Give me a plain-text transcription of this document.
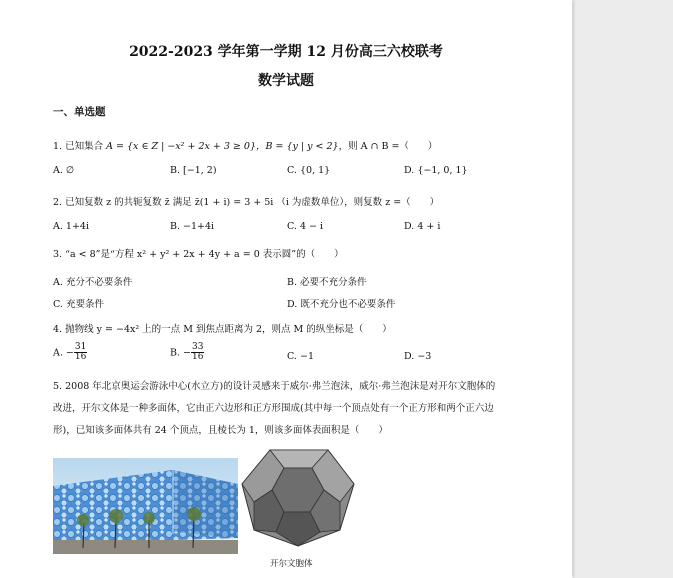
2022-2023 学年第一学期 12 月份高三六校联考
数学试题
一、单选题
1. 已知集合 A = {x ∈ Z | −x² + 2x + 3 ≥ 0}，B = {y | y < 2}，则 A ∩ B =（　　）
A. ∅	B. [−1, 2)	C. {0, 1}	D. {−1, 0, 1}
2. 已知复数 z 的共轭复数 z̄ 满足 z̄(1 + i) = 3 + 5i （i 为虚数单位），则复数 z =（　　）
A. 1+4i	B. −1+4i	C. 4 − i	D. 4 + i
3. “a < 8”是“方程 x² + y² + 2x + 4y + a = 0 表示圆”的（　　）
A. 充分不必要条件	B. 必要不充分条件
C. 充要条件	D. 既不充分也不必要条件
4. 抛物线 y = −4x² 上的一点 M 到焦点距离为 2，则点 M 的纵坐标是（　　）
A. − $\frac{31}{16}$	B. − $\frac{33}{16}$	C. −1	D. −3
5. 2008 年北京奥运会游泳中心(水立方)的设计灵感来于威尔·弗兰泡沫，威尔·弗兰泡沫是对开尔文胞体的
改进，开尔文体是一种多面体，它由正六边形和正方形围成(其中每一个顶点处有一个正方形和两个正六边
形)，已知该多面体共有 24 个顶点，且棱长为 1，则该多面体表面积是（　　）
开尔文胞体
